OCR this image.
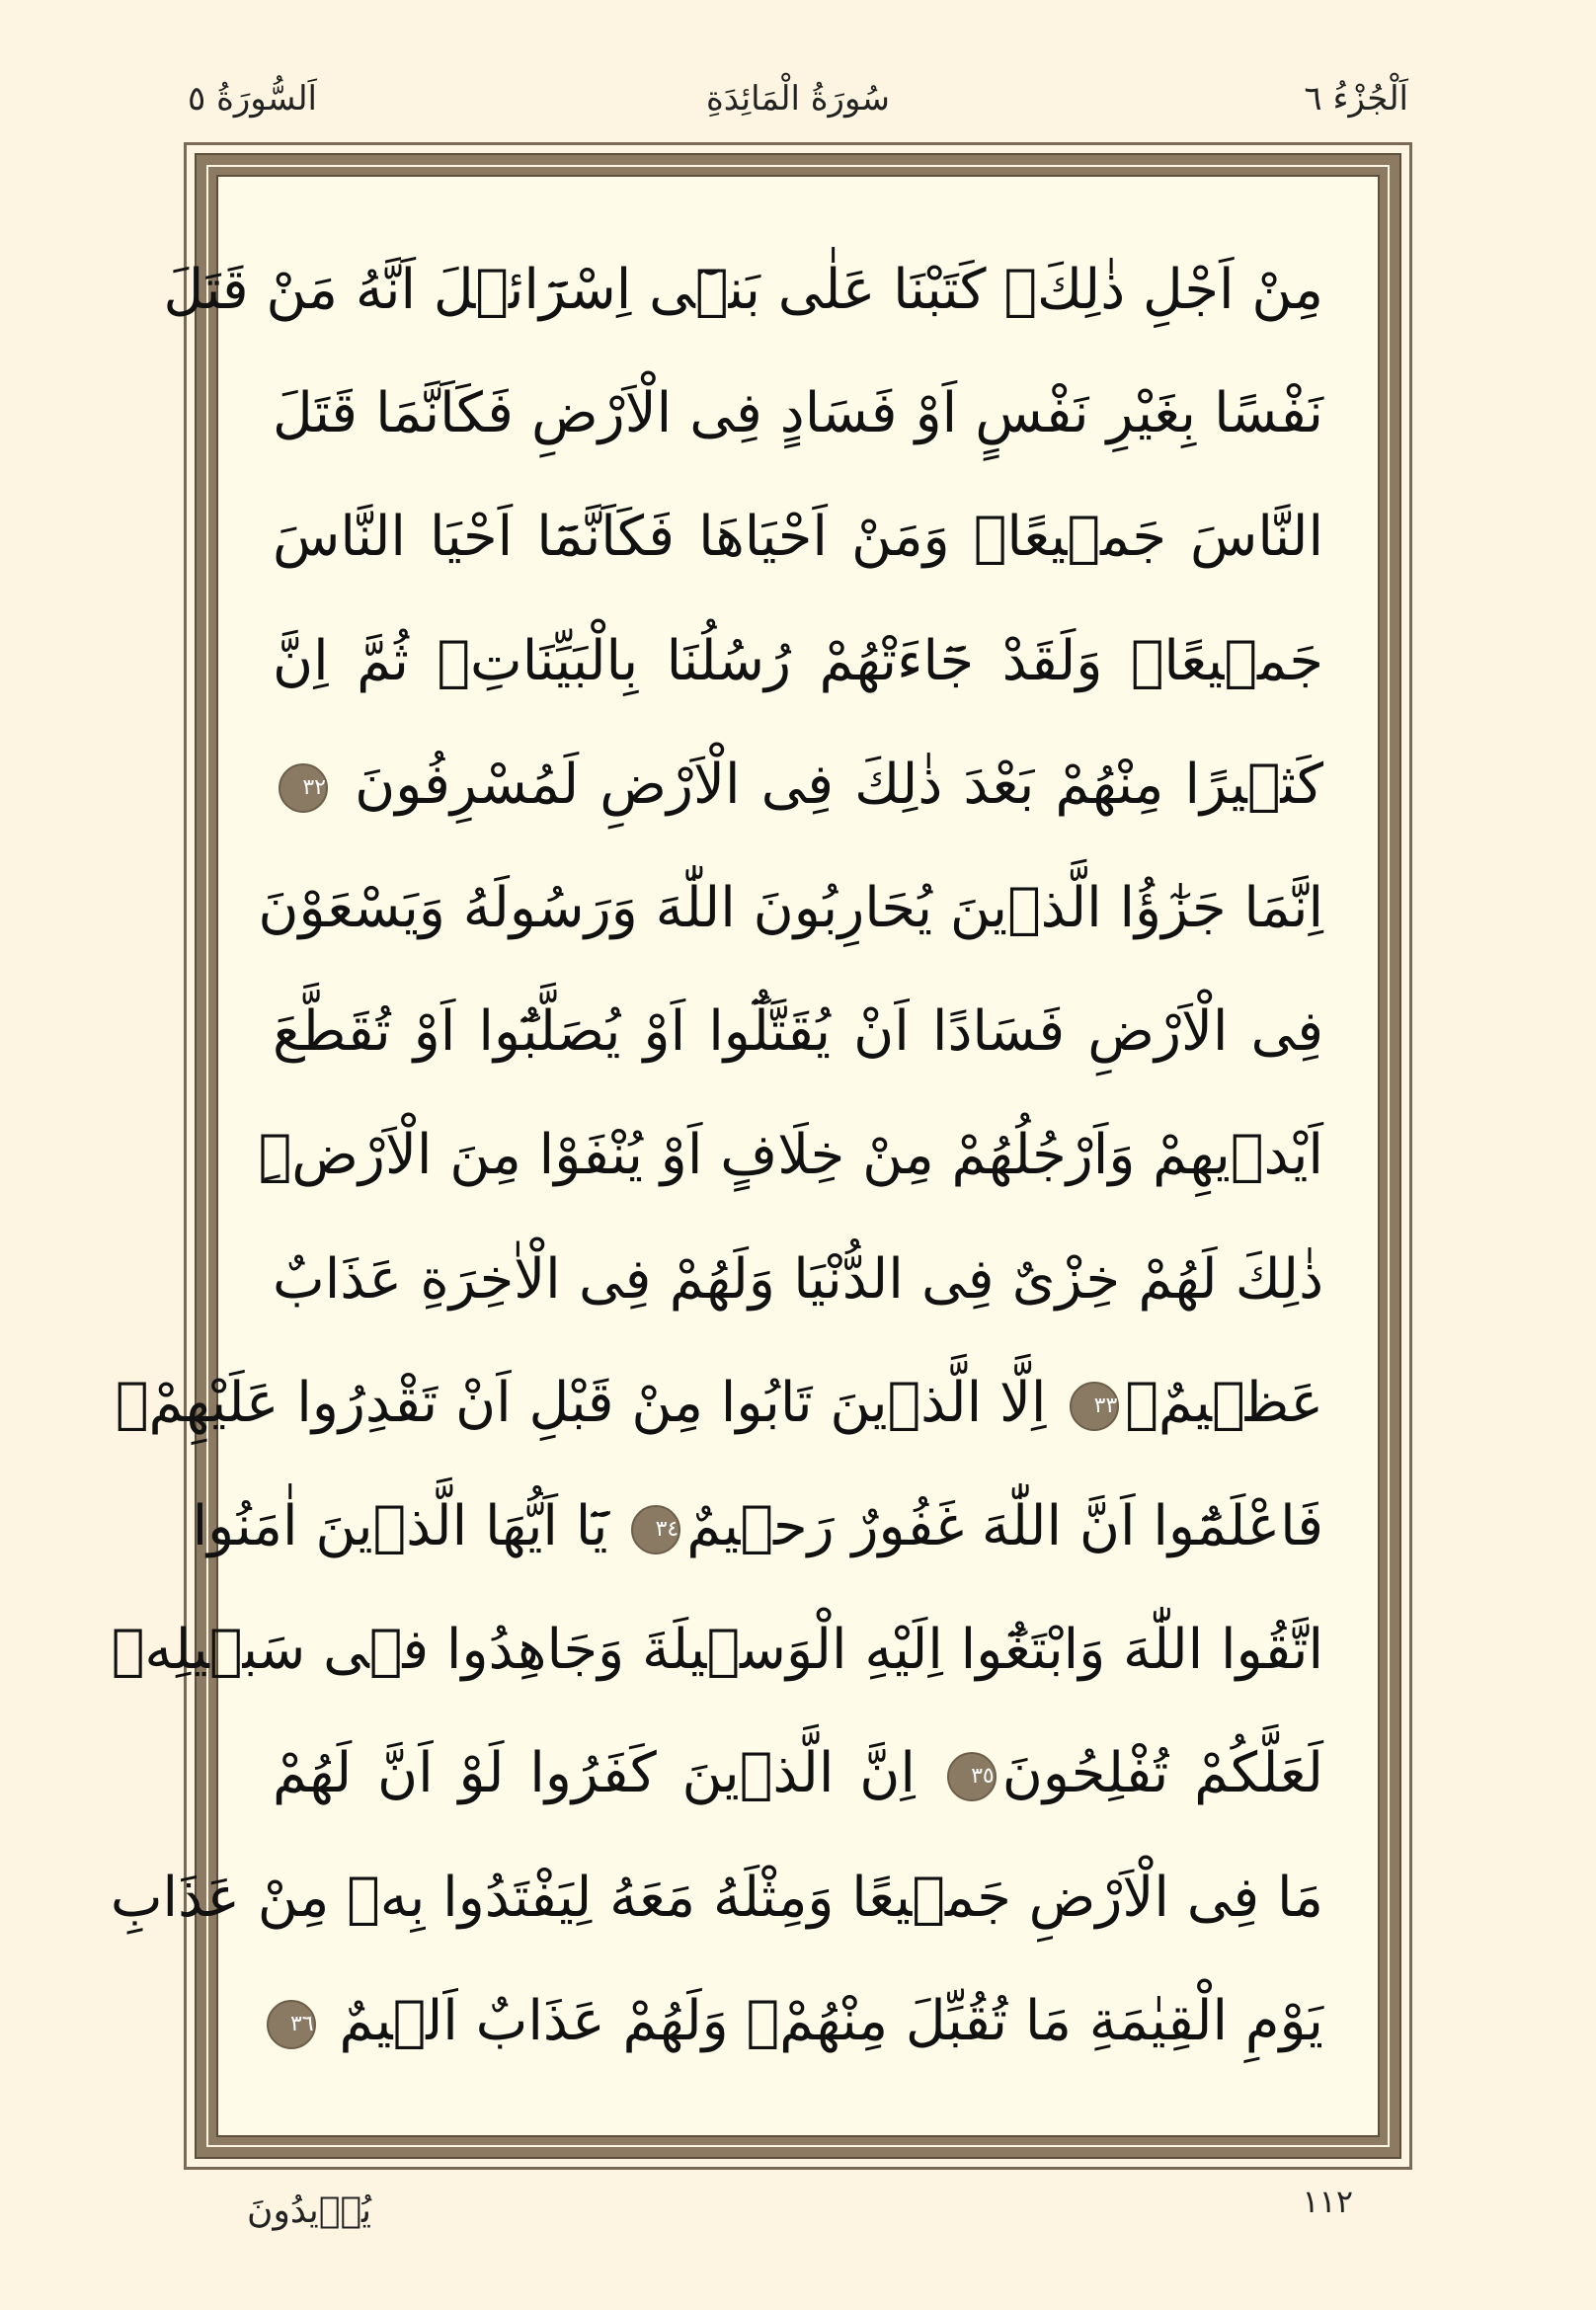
اَلْجُزْءُ ٦
سُورَةُ الْمَائِدَةِ
اَلسُّورَةُ ٥
مِنْ اَجْلِ ذٰلِكَۚ كَتَبْنَا عَلٰى بَنٖٓى اِسْرَٓائٖلَ اَنَّهُ مَنْ قَتَلَ
نَفْسًا بِغَيْرِ نَفْسٍ اَوْ فَسَادٍ فِى الْاَرْضِ فَكَاَنَّمَا قَتَلَ
النَّاسَ جَمٖيعًاۜ وَمَنْ اَحْيَاهَا فَكَاَنَّمَٓا اَحْيَا النَّاسَ
جَمٖيعًاۜ وَلَقَدْ جَٓاءَتْهُمْ رُسُلُنَا بِالْبَيِّنَاتِۘ ثُمَّ اِنَّ
كَثٖيرًا مِنْهُمْ بَعْدَ ذٰلِكَ فِى الْاَرْضِ لَمُسْرِفُونَ ٣٢
اِنَّمَا جَزٰٓؤُا الَّذٖينَ يُحَارِبُونَ اللّٰهَ وَرَسُولَهُ وَيَسْعَوْنَ
فِى الْاَرْضِ فَسَادًا اَنْ يُقَتَّلُٓوا اَوْ يُصَلَّبُٓوا اَوْ تُقَطَّعَ
اَيْدٖيهِمْ وَاَرْجُلُهُمْ مِنْ خِلَافٍ اَوْ يُنْفَوْا مِنَ الْاَرْضِۜ
ذٰلِكَ لَهُمْ خِزْىٌ فِى الدُّنْيَا وَلَهُمْ فِى الْاٰخِرَةِ عَذَابٌ
عَظٖيمٌۙ٣٣ اِلَّا الَّذٖينَ تَابُوا مِنْ قَبْلِ اَنْ تَقْدِرُوا عَلَيْهِمْۚ
فَاعْلَمُٓوا اَنَّ اللّٰهَ غَفُورٌ رَحٖيمٌ٣٤ يَٓا اَيُّهَا الَّذٖينَ اٰمَنُوا
اتَّقُوا اللّٰهَ وَابْتَغُٓوا اِلَيْهِ الْوَسٖيلَةَ وَجَاهِدُوا فٖى سَبٖيلِهٖ
لَعَلَّكُمْ تُفْلِحُونَ٣٥ اِنَّ الَّذٖينَ كَفَرُوا لَوْ اَنَّ لَهُمْ
مَا فِى الْاَرْضِ جَمٖيعًا وَمِثْلَهُ مَعَهُ لِيَفْتَدُوا بِهٖ مِنْ عَذَابِ
يَوْمِ الْقِيٰمَةِ مَا تُقُبِّلَ مِنْهُمْۚ وَلَهُمْ عَذَابٌ اَلٖيمٌ ٣٦
١١٢
يُرٖيدُونَ
